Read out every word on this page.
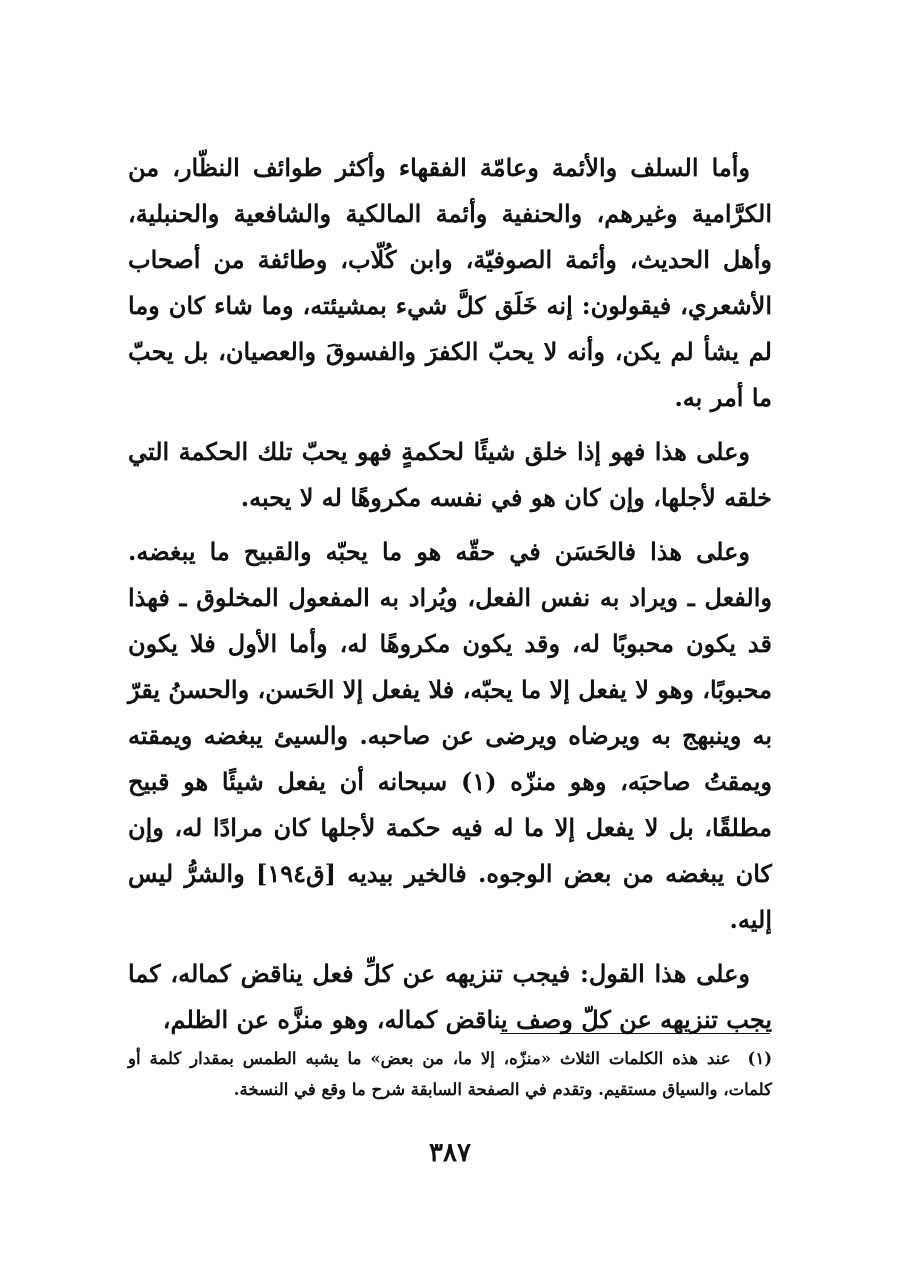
وأما السلف والأئمة وعامّة الفقهاء وأكثر طوائف النظّار، من الكرَّامية وغيرهم، والحنفية وأئمة المالكية والشافعية والحنبلية، وأهل الحديث، وأئمة الصوفيّة، وابن كُلّاب، وطائفة من أصحاب الأشعري، فيقولون: إنه خَلَق كلَّ شيء بمشيئته، وما شاء كان وما لم يشأ لم يكن، وأنه لا يحبّ الكفرَ والفسوقَ والعصيان، بل يحبّ ما أمر به.

وعلى هذا فهو إذا خلق شيئًا لحكمةٍ فهو يحبّ تلك الحكمة التي خلقه لأجلها، وإن كان هو في نفسه مكروهًا له لا يحبه.

وعلى هذا فالحَسَن في حقّه هو ما يحبّه والقبيح ما يبغضه. والفعل ـ ويراد به نفس الفعل، ويُراد به المفعول المخلوق ـ فهذا قد يكون محبوبًا له، وقد يكون مكروهًا له، وأما الأول فلا يكون محبوبًا، وهو لا يفعل إلا ما يحبّه، فلا يفعل إلا الحَسن، والحسنُ يقرّ به وينبهج به ويرضاه ويرضى عن صاحبه. والسيئ يبغضه ويمقته ويمقتُ صاحبَه، وهو منزّه (١) سبحانه أن يفعل شيئًا هو قبيح مطلقًا، بل لا يفعل إلا ما له فيه حكمة لأجلها كان مرادًا له، وإن كان يبغضه من بعض الوجوه. فالخير بيديه [ق١٩٤] والشرُّ ليس إليه.

وعلى هذا القول: فيجب تنزيهه عن كلِّ فعل يناقض كماله، كما يجب تنزيهه عن كلّ وصف يناقض كماله، وهو منزَّه عن الظلم،

(١) عند هذه الكلمات الثلاث «منزّه، إلا ما، من بعض» ما يشبه الطمس بمقدار كلمة أو كلمات، والسياق مستقيم. وتقدم في الصفحة السابقة شرح ما وقع في النسخة.

٣٨٧
